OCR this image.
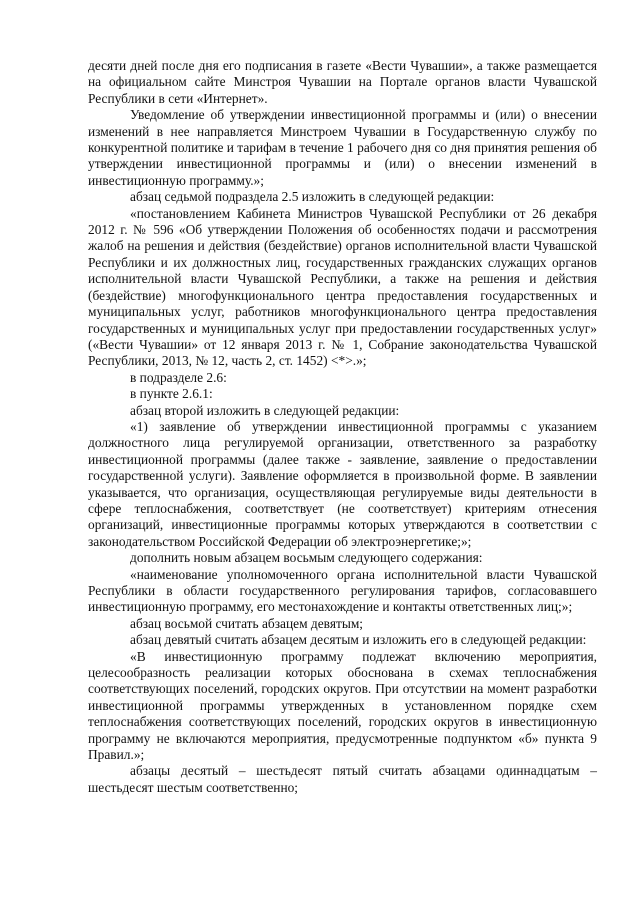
десяти дней после дня его подписания в газете «Вести Чувашии», а также размещается на официальном сайте Минстроя Чувашии на Портале органов власти Чувашской Республики в сети «Интернет».

Уведомление об утверждении инвестиционной программы и (или) о внесении изменений в нее направляется Минстроем Чувашии в Государственную службу по конкурентной политике и тарифам в течение 1 рабочего дня со дня принятия решения об утверждении инвестиционной программы и (или) о внесении изменений в инвестиционную программу.»;

абзац седьмой подраздела 2.5 изложить в следующей редакции:

«постановлением Кабинета Министров Чувашской Республики от 26 декабря 2012 г. № 596 «Об утверждении Положения об особенностях подачи и рассмотрения жалоб на решения и действия (бездействие) органов исполнительной власти Чувашской Республики и их должностных лиц, государственных гражданских служащих органов исполнительной власти Чувашской Республики, а также на решения и действия (бездействие) многофункционального центра предоставления государственных и муниципальных услуг, работников многофункционального центра предоставления государственных и муниципальных услуг при предоставлении государственных услуг» («Вести Чувашии» от 12 января 2013 г. № 1, Собрание законодательства Чувашской Республики, 2013, № 12, часть 2, ст. 1452) <*>.»;

в подразделе 2.6:

в пункте 2.6.1:

абзац второй изложить в следующей редакции:

«1) заявление об утверждении инвестиционной программы с указанием должностного лица регулируемой организации, ответственного за разработку инвестиционной программы (далее также - заявление, заявление о предоставлении государственной услуги). Заявление оформляется в произвольной форме. В заявлении указывается, что организация, осуществляющая регулируемые виды деятельности в сфере теплоснабжения, соответствует (не соответствует) критериям отнесения организаций, инвестиционные программы которых утверждаются в соответствии с законодательством Российской Федерации об электроэнергетике;»;

дополнить новым абзацем восьмым следующего содержания:

«наименование уполномоченного органа исполнительной власти Чувашской Республики в области государственного регулирования тарифов, согласовавшего инвестиционную программу, его местонахождение и контакты ответственных лиц;»;

абзац восьмой считать абзацем девятым;

абзац девятый считать абзацем десятым и изложить его в следующей редакции:

«В инвестиционную программу подлежат включению мероприятия, целесообразность реализации которых обоснована в схемах теплоснабжения соответствующих поселений, городских округов. При отсутствии на момент разработки инвестиционной программы утвержденных в установленном порядке схем теплоснабжения соответствующих поселений, городских округов в инвестиционную программу не включаются мероприятия, предусмотренные подпунктом «б» пункта 9 Правил.»;

абзацы десятый – шестьдесят пятый считать абзацами одиннадцатым – шестьдесят шестым соответственно;
